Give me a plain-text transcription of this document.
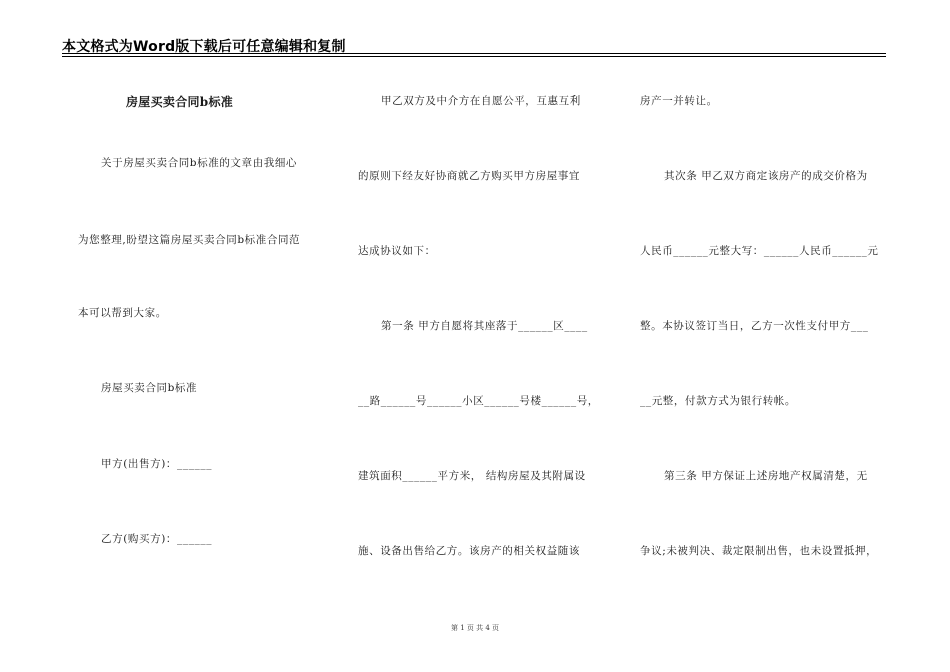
本文格式为Word版下载后可任意编辑和复制
房屋买卖合同b标准
关于房屋买卖合同b标准的文章由我细心
为您整理,盼望这篇房屋买卖合同b标准合同范
本可以帮到大家。
房屋买卖合同b标准
甲方(出售方)：______
乙方(购买方)：______
甲乙双方及中介方在自愿公平，互惠互利
的原则下经友好协商就乙方购买甲方房屋事宜
达成协议如下：
第一条 甲方自愿将其座落于______区____
__路______号______小区______号楼______号，
建筑面积______平方米， 结构房屋及其附属设
施、设备出售给乙方。该房产的相关权益随该
房产一并转让。
其次条 甲乙双方商定该房产的成交价格为
人民币______元整大写：______人民币______元
整。本协议签订当日，乙方一次性支付甲方___
__元整，付款方式为银行转帐。
第三条 甲方保证上述房地产权属清楚，无
争议;未被判决、裁定限制出售，也未设置抵押，
第 1 页 共 4 页
